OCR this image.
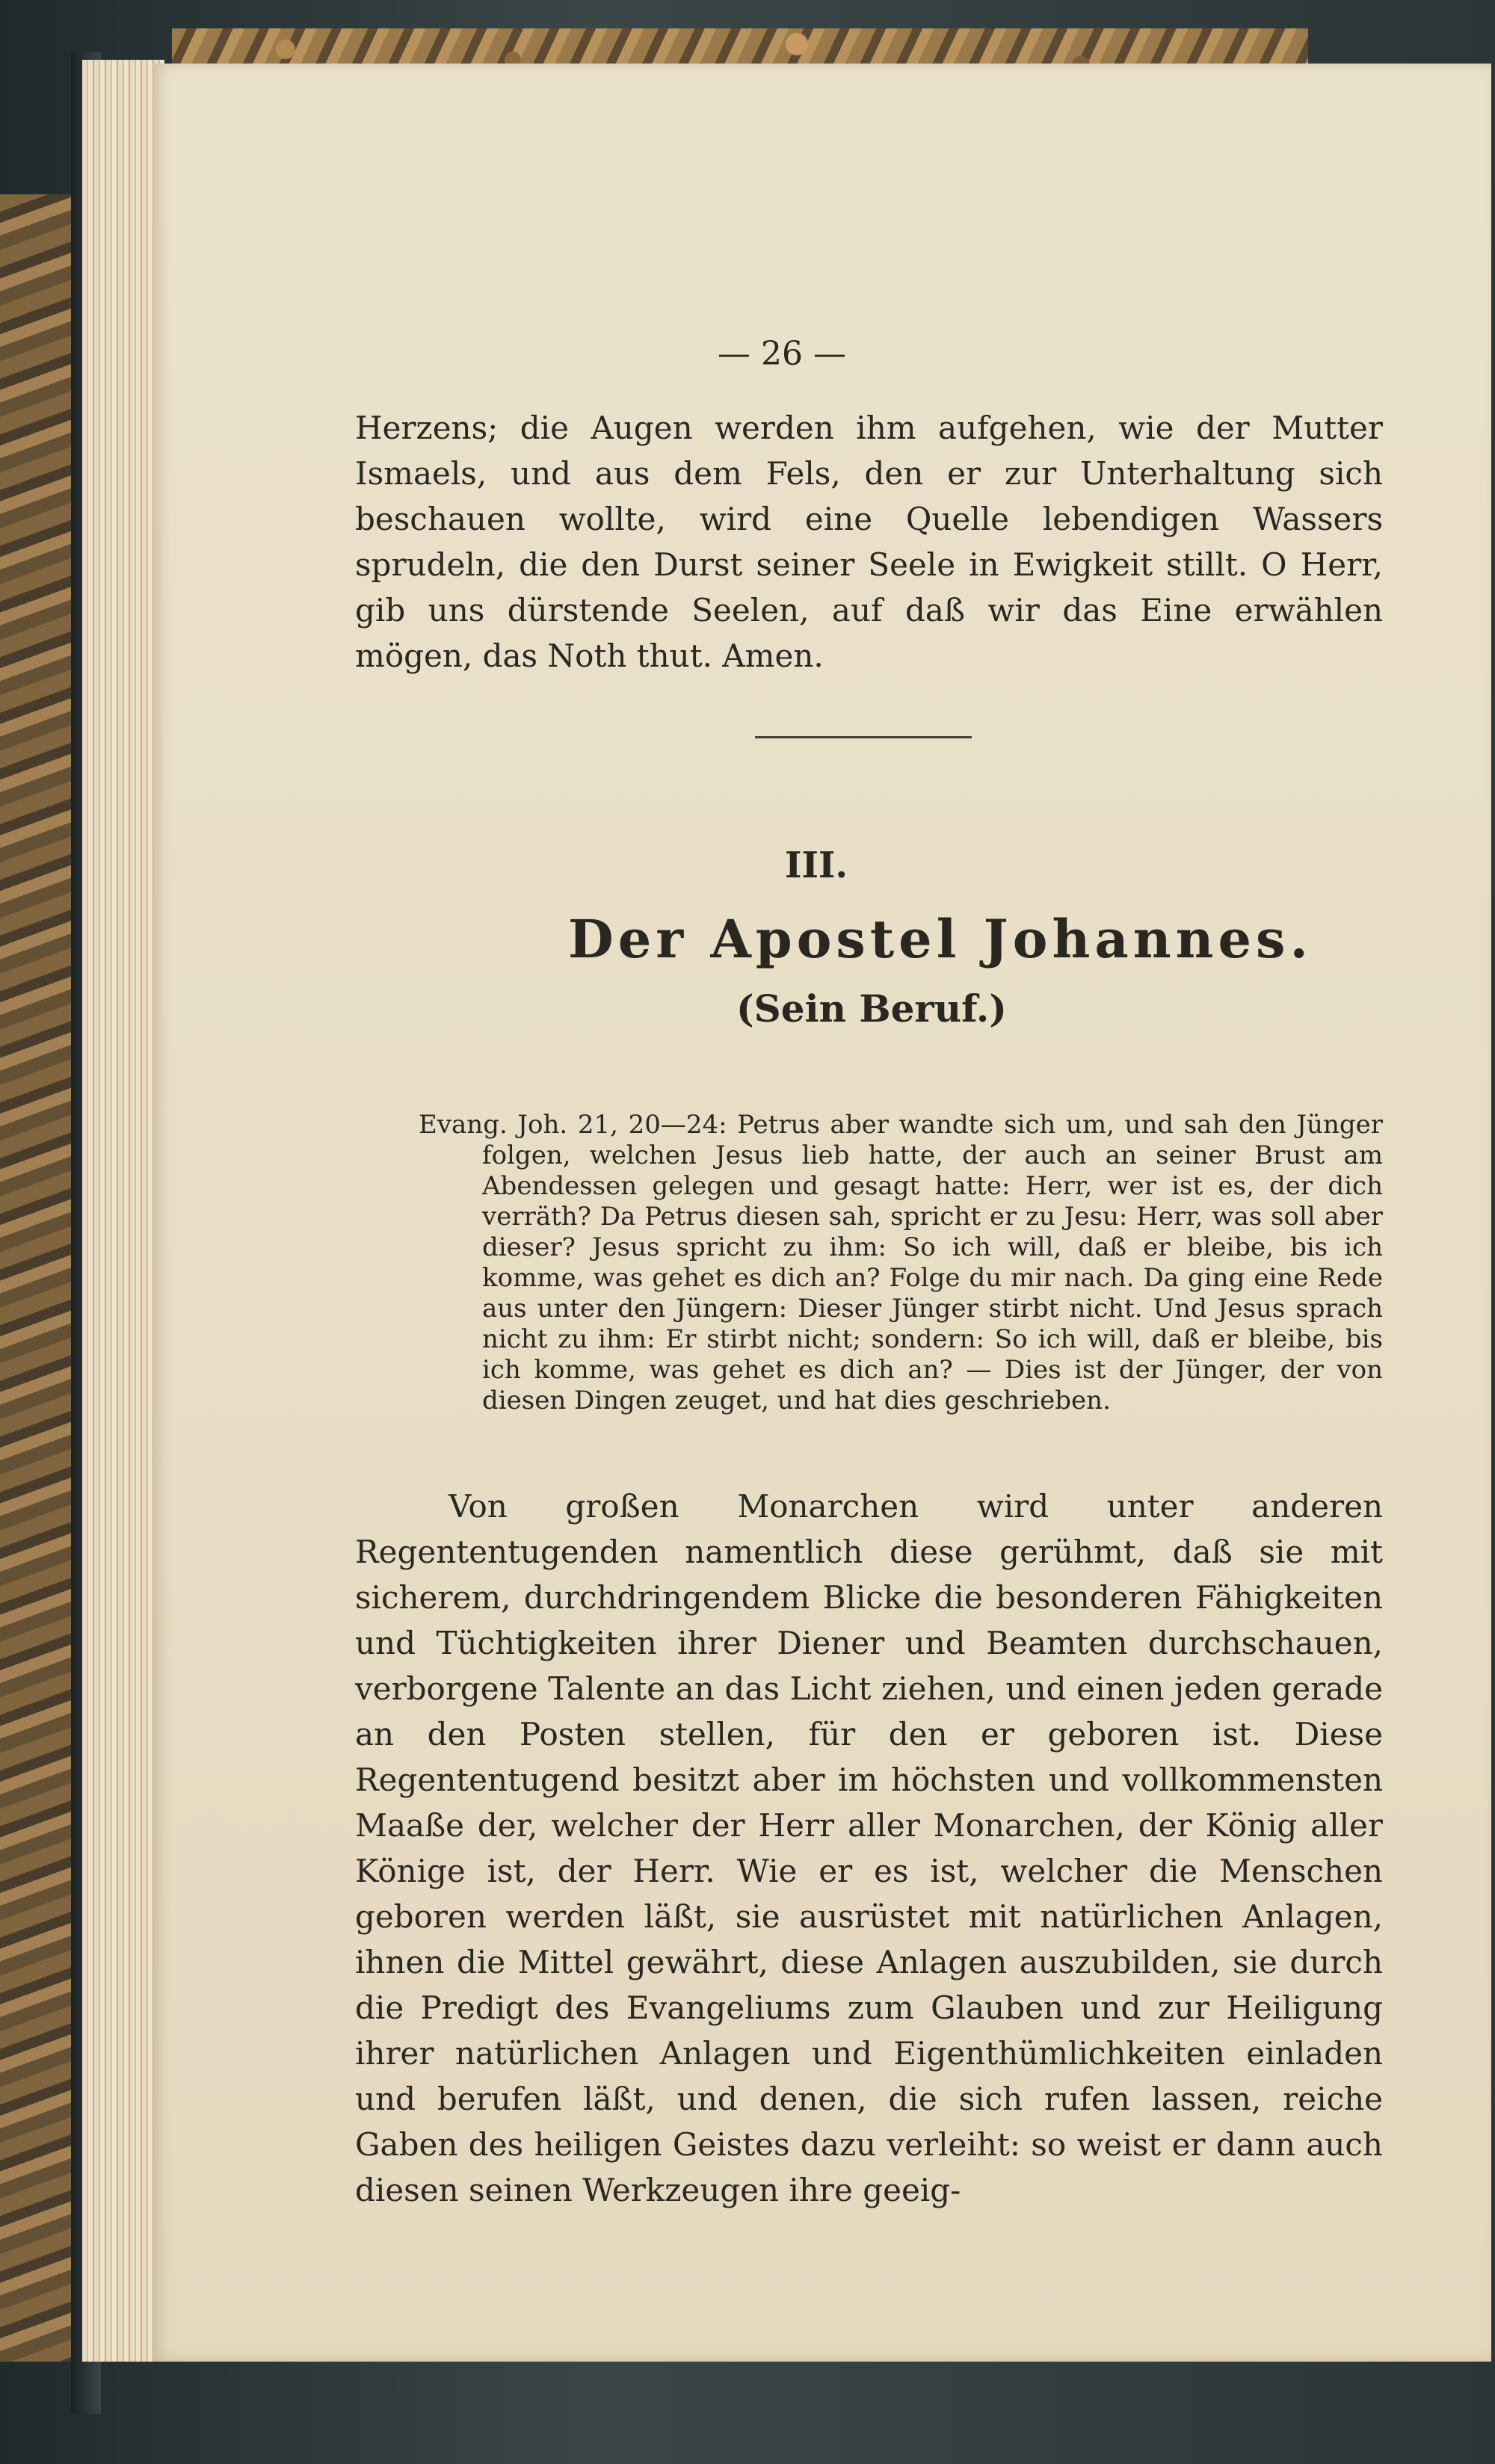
— 26 —
Herzens; die Augen werden ihm aufgehen, wie der Mutter Ismaels, und aus dem Fels, den er zur Unterhaltung sich beschauen wollte, wird eine Quelle lebendigen Wassers sprudeln, die den Durst seiner Seele in Ewigkeit stillt. O Herr, gib uns dürstende Seelen, auf daß wir das Eine erwählen mögen, das Noth thut. Amen.
III.
Der Apostel Johannes.
(Sein Beruf.)
Evang. Joh. 21, 20—24: Petrus aber wandte sich um, und sah den Jünger folgen, welchen Jesus lieb hatte, der auch an seiner Brust am Abendessen gelegen und gesagt hatte: Herr, wer ist es, der dich verräth? Da Petrus diesen sah, spricht er zu Jesu: Herr, was soll aber dieser? Jesus spricht zu ihm: So ich will, daß er bleibe, bis ich komme, was gehet es dich an? Folge du mir nach. Da ging eine Rede aus unter den Jüngern: Dieser Jünger stirbt nicht. Und Jesus sprach nicht zu ihm: Er stirbt nicht; sondern: So ich will, daß er bleibe, bis ich komme, was gehet es dich an? — Dies ist der Jünger, der von diesen Dingen zeuget, und hat dies geschrieben.
Von großen Monarchen wird unter anderen Regententugenden namentlich diese gerühmt, daß sie mit sicherem, durchdringendem Blicke die besonderen Fähigkeiten und Tüchtigkeiten ihrer Diener und Beamten durchschauen, verborgene Talente an das Licht ziehen, und einen jeden gerade an den Posten stellen, für den er geboren ist. Diese Regententugend besitzt aber im höchsten und vollkommensten Maaße der, welcher der Herr aller Monarchen, der König aller Könige ist, der Herr. Wie er es ist, welcher die Menschen geboren werden läßt, sie ausrüstet mit natürlichen Anlagen, ihnen die Mittel gewährt, diese Anlagen auszubilden, sie durch die Predigt des Evangeliums zum Glauben und zur Heiligung ihrer natürlichen Anlagen und Eigenthümlichkeiten einladen und berufen läßt, und denen, die sich rufen lassen, reiche Gaben des heiligen Geistes dazu verleiht: so weist er dann auch diesen seinen Werkzeugen ihre geeig-
